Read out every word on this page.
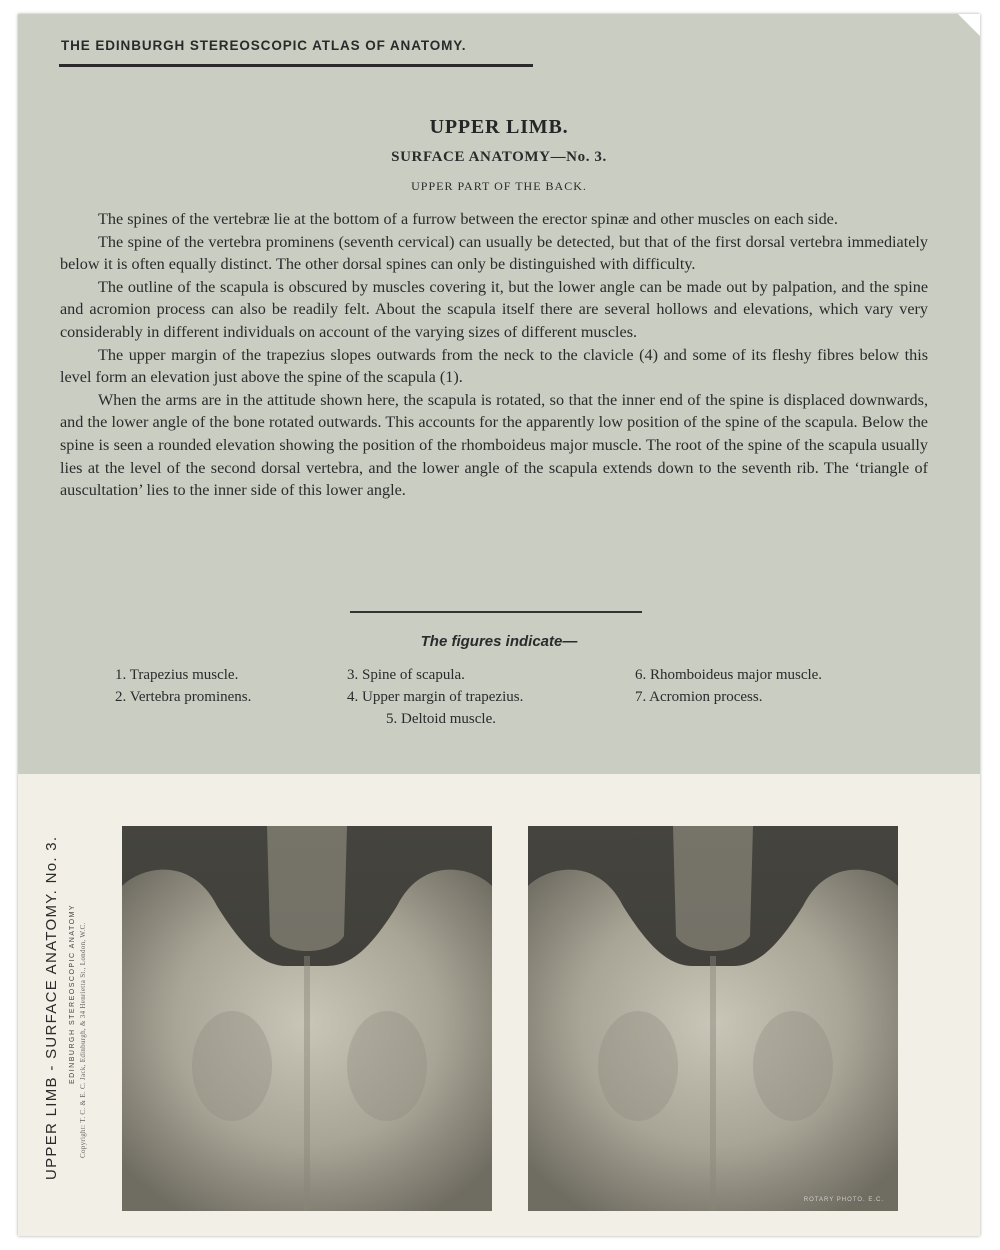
THE EDINBURGH STEREOSCOPIC ATLAS OF ANATOMY.
UPPER LIMB.
SURFACE ANATOMY—No. 3.
UPPER PART OF THE BACK.

The spines of the vertebræ lie at the bottom of a furrow between the erector spinæ and other muscles on each side.

The spine of the vertebra prominens (seventh cervical) can usually be detected, but that of the first dorsal vertebra immediately below it is often equally distinct. The other dorsal spines can only be distinguished with difficulty.

The outline of the scapula is obscured by muscles covering it, but the lower angle can be made out by palpation, and the spine and acromion process can also be readily felt. About the scapula itself there are several hollows and elevations, which vary very considerably in different individuals on account of the varying sizes of different muscles.

The upper margin of the trapezius slopes outwards from the neck to the clavicle (4) and some of its fleshy fibres below this level form an elevation just above the spine of the scapula (1).

When the arms are in the attitude shown here, the scapula is rotated, so that the inner end of the spine is displaced downwards, and the lower angle of the bone rotated outwards. This accounts for the apparently low position of the spine of the scapula. Below the spine is seen a rounded elevation showing the position of the rhomboideus major muscle. The root of the spine of the scapula usually lies at the level of the second dorsal vertebra, and the lower angle of the scapula extends down to the seventh rib. The ‘triangle of auscultation’ lies to the inner side of this lower angle.

The figures indicate—
1. Trapezius muscle.
2. Vertebra prominens.
3. Spine of scapula.
4. Upper margin of trapezius.
6. Rhomboideus major muscle.
7. Acromion process.
5. Deltoid muscle.
UPPER LIMB - SURFACE ANATOMY. No. 3. EDINBURGH STEREOSCOPIC ANATOMY Copyright: T. C. & E. C. Jack, Edinburgh, & 34 Henrietta St., London, W.C.
ROTARY PHOTO. E.C.
